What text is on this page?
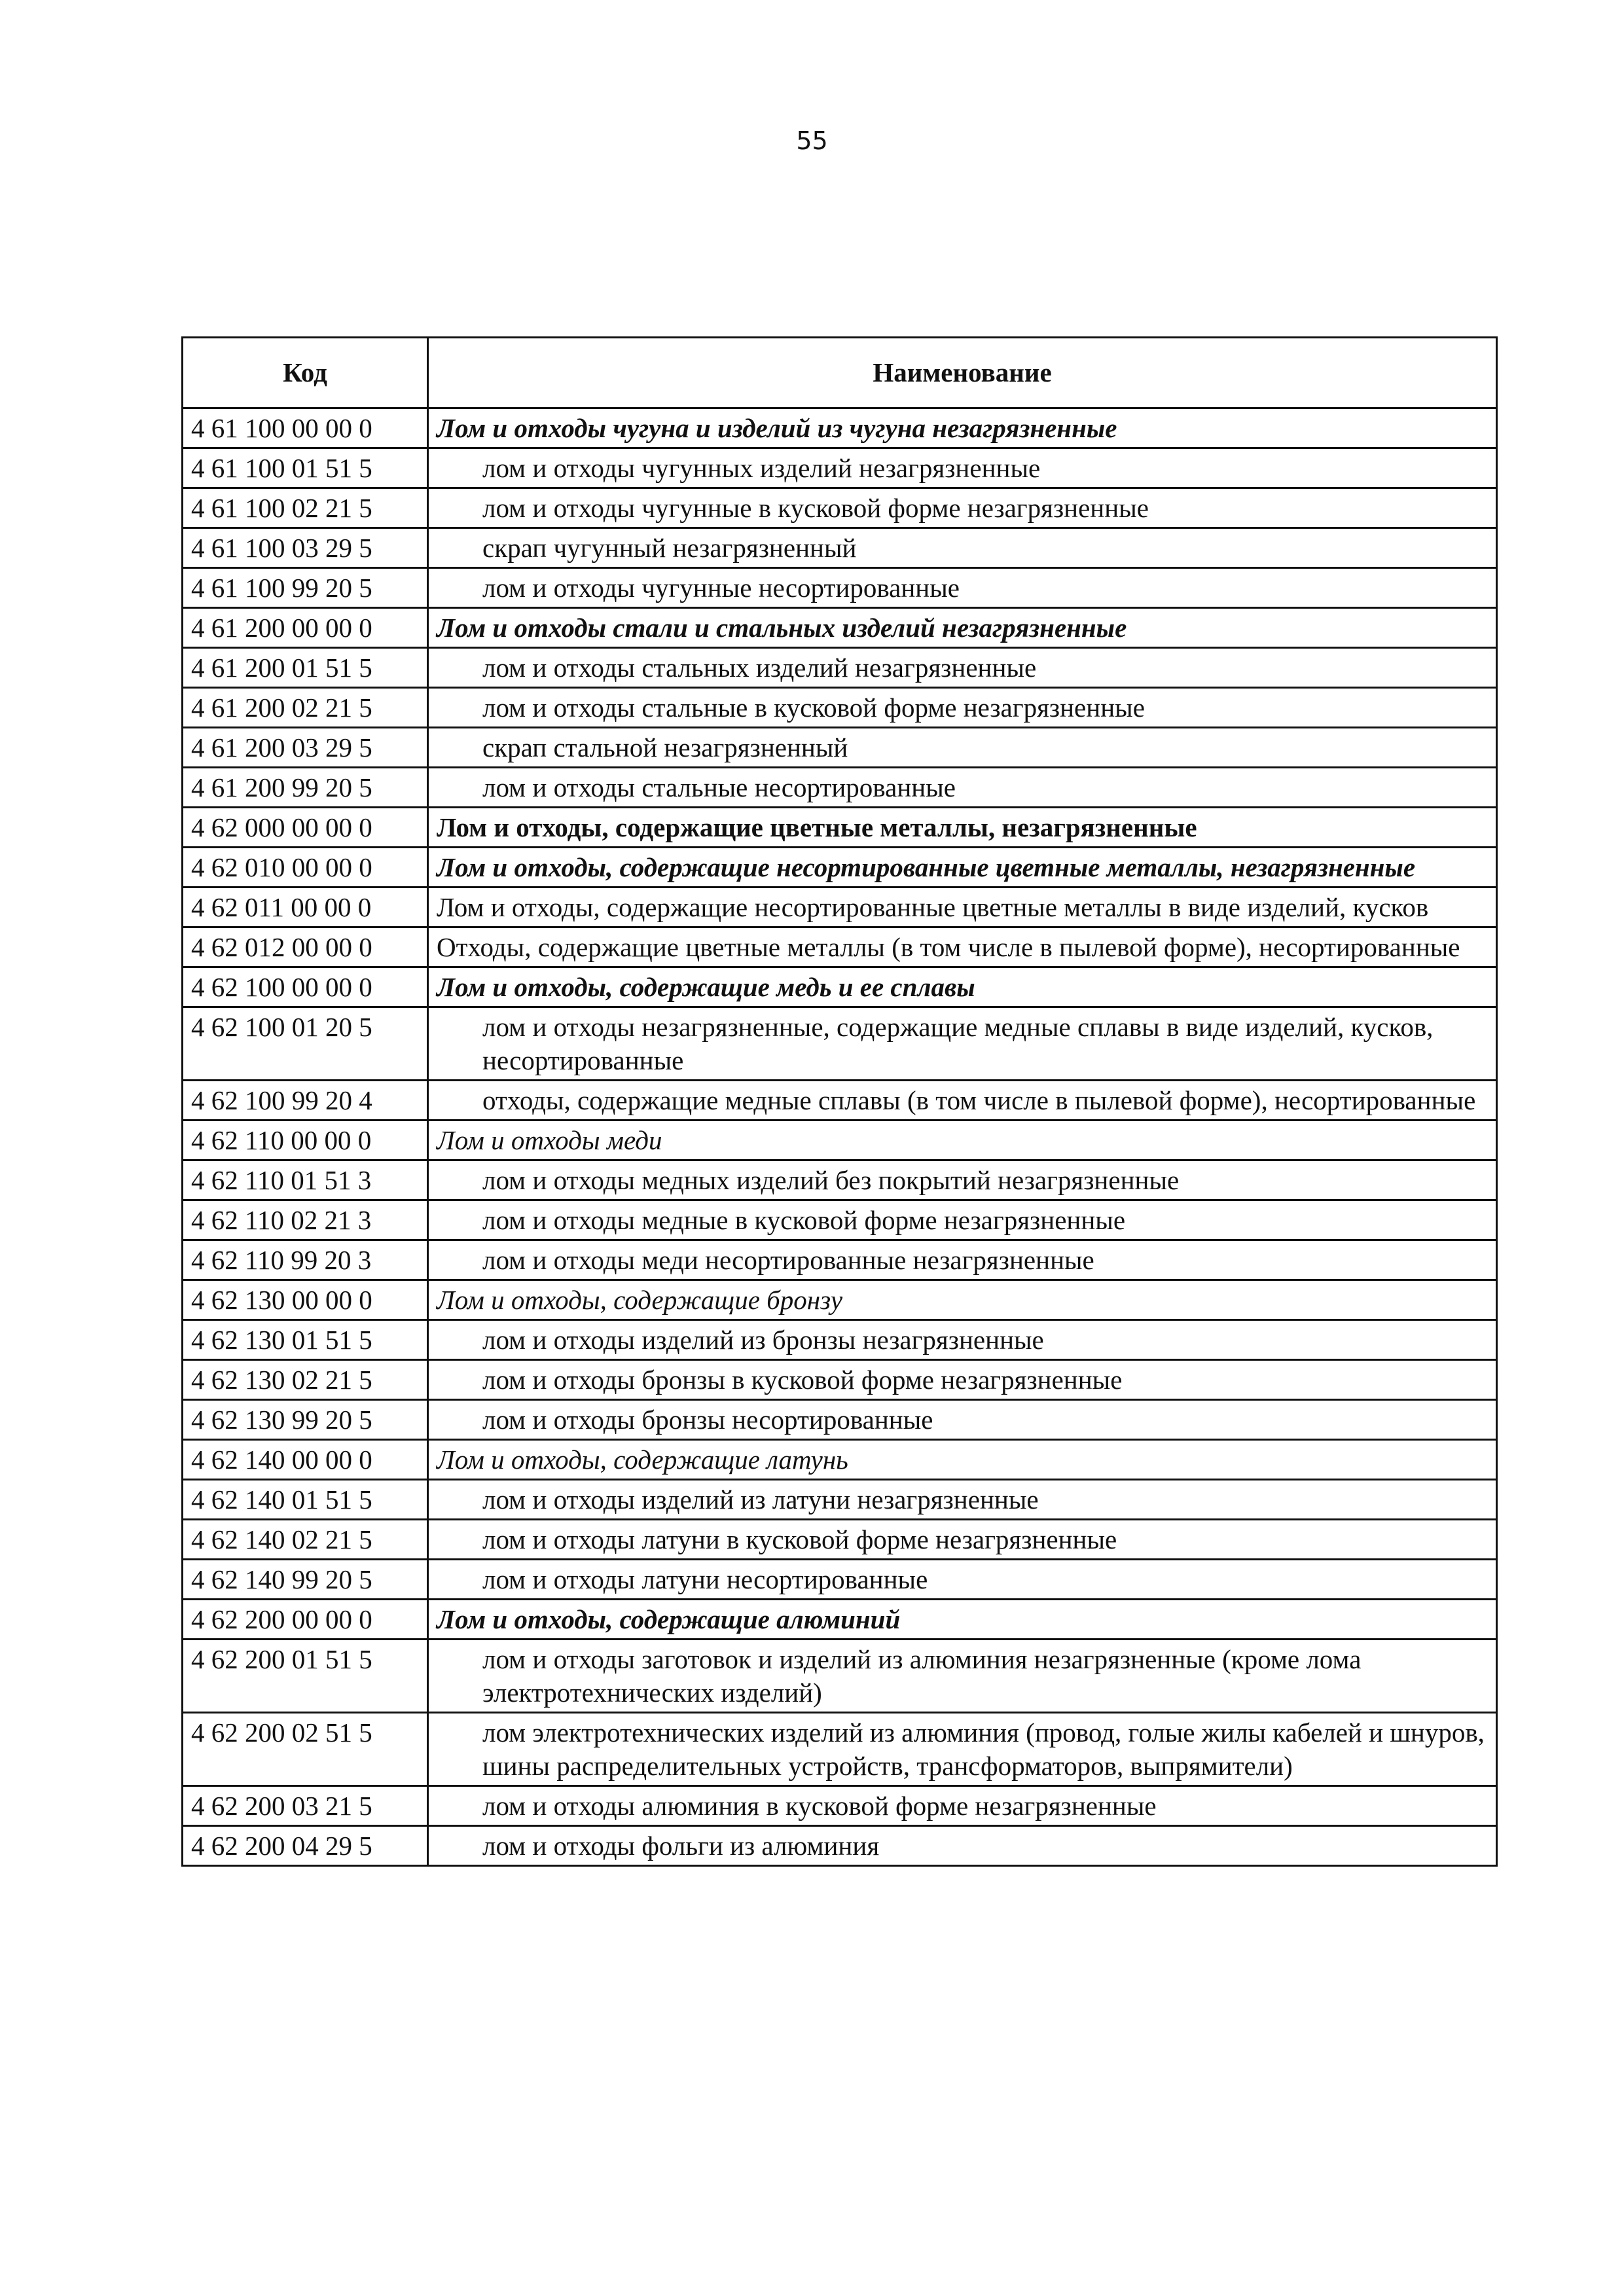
55
Код	Наименование
4 61 100 00 00 0	Лом и отходы чугуна и изделий из чугуна незагрязненные
4 61 100 01 51 5	лом и отходы чугунных изделий незагрязненные
4 61 100 02 21 5	лом и отходы чугунные в кусковой форме незагрязненные
4 61 100 03 29 5	скрап чугунный незагрязненный
4 61 100 99 20 5	лом и отходы чугунные несортированные
4 61 200 00 00 0	Лом и отходы стали и стальных изделий незагрязненные
4 61 200 01 51 5	лом и отходы стальных изделий незагрязненные
4 61 200 02 21 5	лом и отходы стальные в кусковой форме незагрязненные
4 61 200 03 29 5	скрап стальной незагрязненный
4 61 200 99 20 5	лом и отходы стальные несортированные
4 62 000 00 00 0	Лом и отходы, содержащие цветные металлы, незагрязненные
4 62 010 00 00 0	Лом и отходы, содержащие несортированные цветные металлы, незагрязненные
4 62 011 00 00 0	Лом и отходы, содержащие несортированные цветные металлы в виде изделий, кусков
4 62 012 00 00 0	Отходы, содержащие цветные металлы (в том числе в пылевой форме), несортированные
4 62 100 00 00 0	Лом и отходы, содержащие медь и ее сплавы
4 62 100 01 20 5	лом и отходы незагрязненные, содержащие медные сплавы в виде изделий, кусков, несортированные
4 62 100 99 20 4	отходы, содержащие медные сплавы (в том числе в пылевой форме), несортированные
4 62 110 00 00 0	Лом и отходы меди
4 62 110 01 51 3	лом и отходы медных изделий без покрытий незагрязненные
4 62 110 02 21 3	лом и отходы медные в кусковой форме незагрязненные
4 62 110 99 20 3	лом и отходы меди несортированные незагрязненные
4 62 130 00 00 0	Лом и отходы, содержащие бронзу
4 62 130 01 51 5	лом и отходы изделий из бронзы незагрязненные
4 62 130 02 21 5	лом и отходы бронзы в кусковой форме незагрязненные
4 62 130 99 20 5	лом и отходы бронзы несортированные
4 62 140 00 00 0	Лом и отходы, содержащие латунь
4 62 140 01 51 5	лом и отходы изделий из латуни незагрязненные
4 62 140 02 21 5	лом и отходы латуни в кусковой форме незагрязненные
4 62 140 99 20 5	лом и отходы латуни несортированные
4 62 200 00 00 0	Лом и отходы, содержащие алюминий
4 62 200 01 51 5	лом и отходы заготовок и изделий из алюминия незагрязненные (кроме лома электротехнических изделий)
4 62 200 02 51 5	лом электротехнических изделий из алюминия (провод, голые жилы кабелей и шнуров, шины распределительных устройств, трансформаторов, выпрямители)
4 62 200 03 21 5	лом и отходы алюминия в кусковой форме незагрязненные
4 62 200 04 29 5	лом и отходы фольги из алюминия
